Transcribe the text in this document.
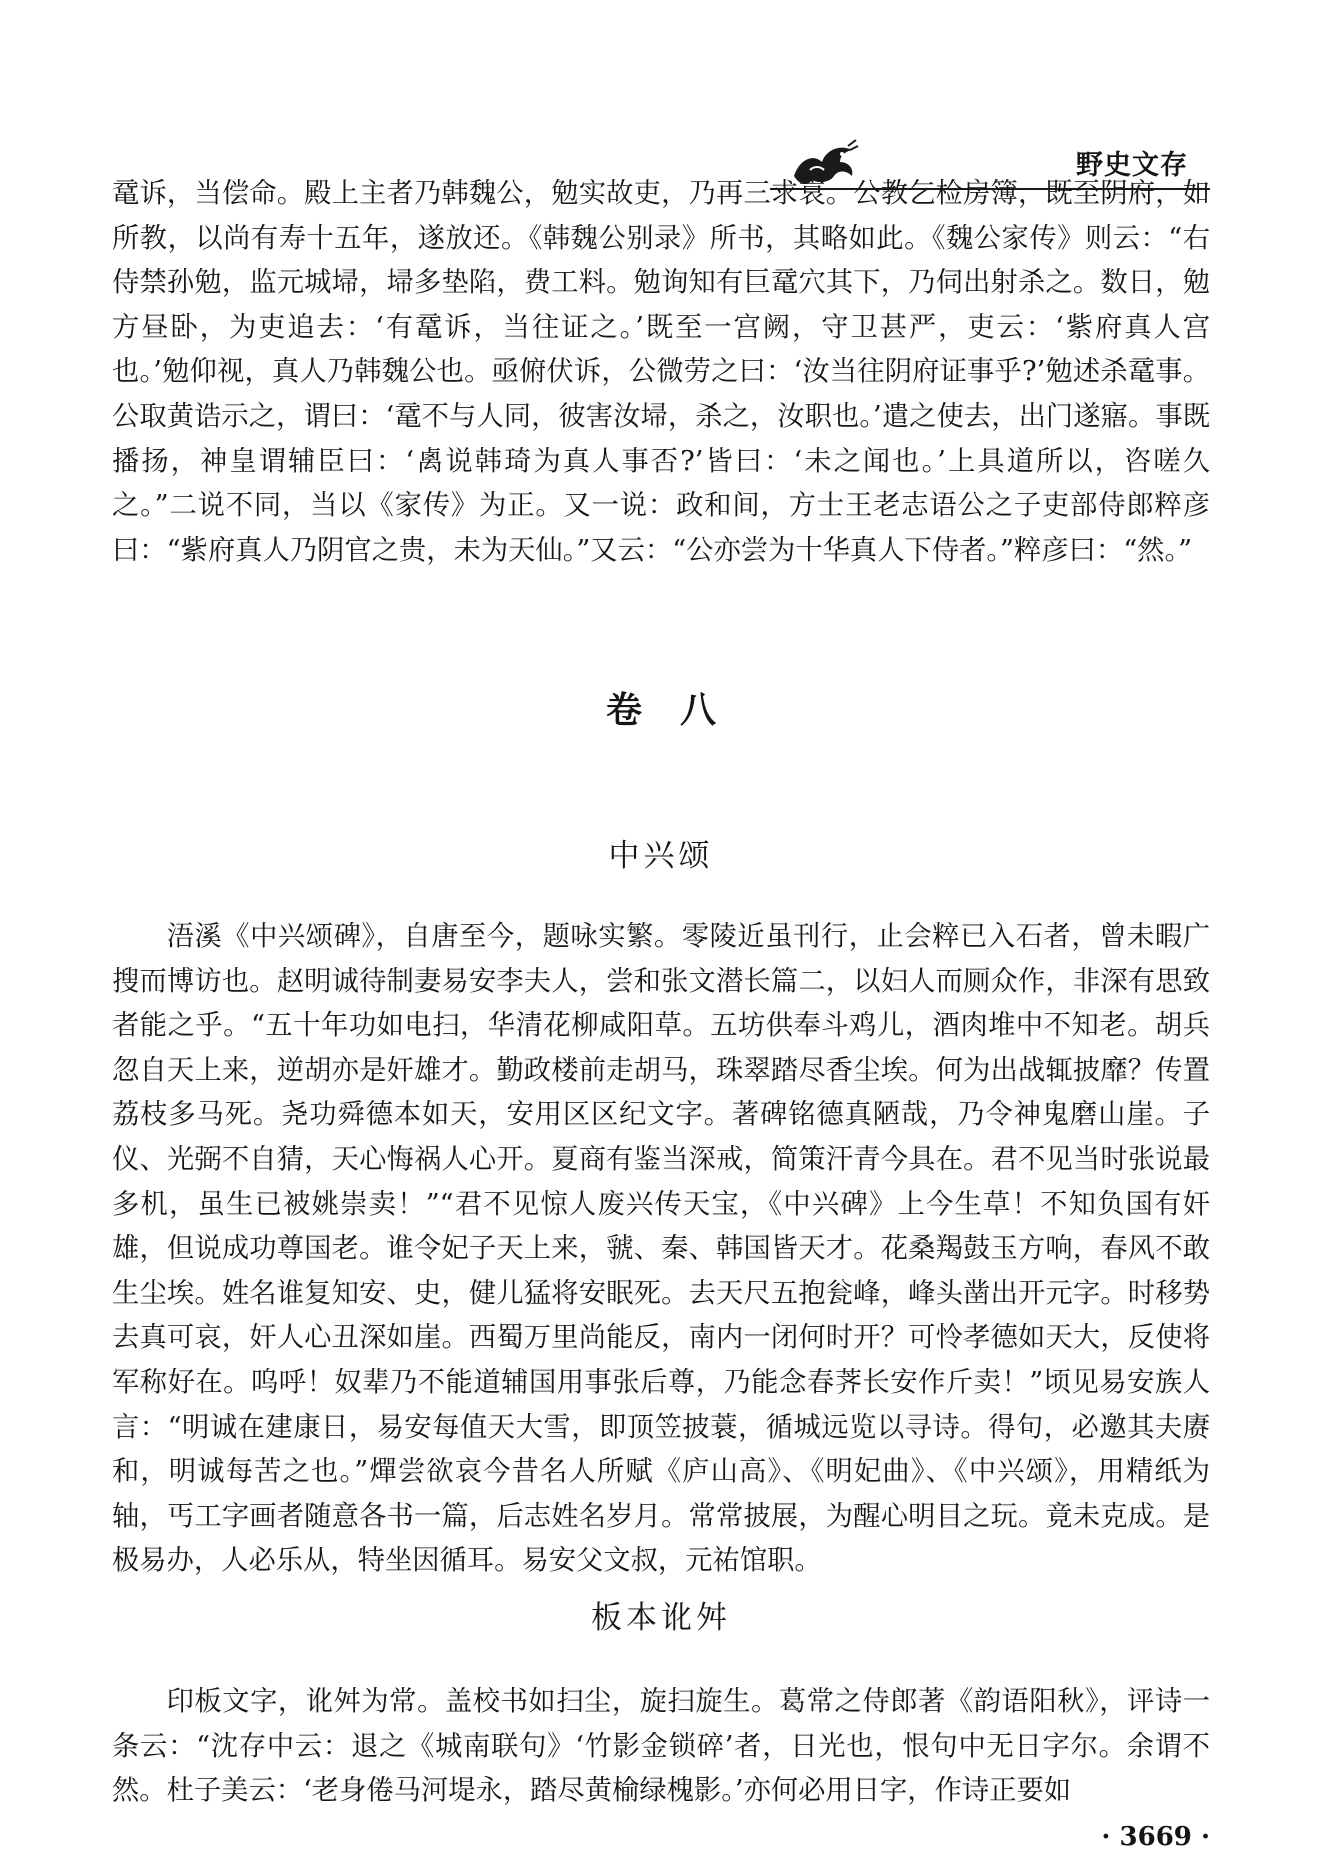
野史文存

鼋诉，当偿命。殿上主者乃韩魏公，勉实故吏，乃再三求哀。公教乞检房簿，既至阴府，如所教，以尚有寿十五年，遂放还。《韩魏公别录》所书，其略如此。《魏公家传》则云：“右侍禁孙勉，监元城埽，埽多垫陷，费工料。勉询知有巨鼋穴其下，乃伺出射杀之。数日，勉方昼卧，为吏追去：‘有鼋诉，当往证之。’既至一宫阙，守卫甚严，吏云：‘紫府真人宫也。’勉仰视，真人乃韩魏公也。亟俯伏诉，公微劳之曰：‘汝当往阴府证事乎?’勉述杀鼋事。公取黄诰示之，谓曰：‘鼋不与人同，彼害汝埽，杀之，汝职也。’遣之使去，出门遂寤。事既播扬，神皇谓辅臣曰：‘禼说韩琦为真人事否?’皆曰：‘未之闻也。’上具道所以，咨嗟久之。”二说不同，当以《家传》为正。又一说：政和间，方士王老志语公之子吏部侍郎粹彦曰：“紫府真人乃阴官之贵，未为天仙。”又云：“公亦尝为十华真人下侍者。”粹彦曰：“然。”

卷八
中兴颂

浯溪《中兴颂碑》，自唐至今，题咏实繁。零陵近虽刊行，止会粹已入石者，曾未暇广搜而博访也。赵明诚待制妻易安李夫人，尝和张文潜长篇二，以妇人而厕众作，非深有思致者能之乎。“五十年功如电扫，华清花柳咸阳草。五坊供奉斗鸡儿，酒肉堆中不知老。胡兵忽自天上来，逆胡亦是奸雄才。勤政楼前走胡马，珠翠踏尽香尘埃。何为出战辄披靡？传置荔枝多马死。尧功舜德本如天，安用区区纪文字。著碑铭德真陋哉，乃令神鬼磨山崖。子仪、光弼不自猜，天心悔祸人心开。夏商有鉴当深戒，简策汗青今具在。君不见当时张说最多机，虽生已被姚崇卖！”“君不见惊人废兴传天宝，《中兴碑》上今生草！不知负国有奸雄，但说成功尊国老。谁令妃子天上来，虢、秦、韩国皆天才。花桑羯鼓玉方响，春风不敢生尘埃。姓名谁复知安、史，健儿猛将安眠死。去天尺五抱瓮峰，峰头凿出开元字。时移势去真可哀，奸人心丑深如崖。西蜀万里尚能反，南内一闭何时开？可怜孝德如天大，反使将军称好在。呜呼！奴辈乃不能道辅国用事张后尊，乃能念春荠长安作斤卖！”顷见易安族人言：“明诚在建康日，易安每值天大雪，即顶笠披蓑，循城远览以寻诗。得句，必邀其夫赓和，明诚每苦之也。”燀尝欲哀今昔名人所赋《庐山高》、《明妃曲》、《中兴颂》，用精纸为轴，丐工字画者随意各书一篇，后志姓名岁月。常常披展，为醒心明目之玩。竟未克成。是极易办，人必乐从，特坐因循耳。易安父文叔，元祐馆职。

板本讹舛

印板文字，讹舛为常。盖校书如扫尘，旋扫旋生。葛常之侍郎著《韵语阳秋》，评诗一条云：“沈存中云：退之《城南联句》‘竹影金锁碎’者，日光也，恨句中无日字尔。余谓不然。杜子美云：‘老身倦马河堤永，踏尽黄榆绿槐影。’亦何必用日字，作诗正要如

· 3669 ·
